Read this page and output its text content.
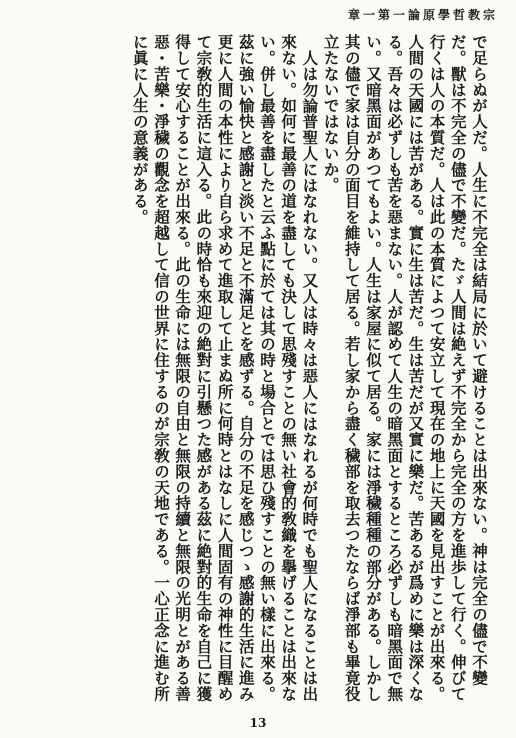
宗教哲學原論一第一章

で足らぬが人だ。人生に不完全は結局に於いて避けることは出來ない。神は完全の儘で不變だ。獸は不完全の儘で不變だ。たゞ人間は絶えず不完全から完全の方を進歩して行く。伸びて行くは人の本質だ。人は此の本質によつて安立して現在の地上に天國を見出すことが出來る。人間の天國には苦がある。實に生は苦だ。生は苦だが又實に樂だ。苦あるが爲めに樂は深くなる。吾々は必ずしも苦を惡まない。人が認めて人生の暗黑面とするところ必ずしも暗黑面で無い。又暗黑面があつてもよい。人生は家屋に似て居る。家には淨穢種種の部分がある。しかし其の儘で家は自分の面目を維持して居る。若し家から盡く穢部を取去つたならば淨部も畢竟役立たないではないか。

人は勿論普聖人にはなれない。又人は時々は惡人にはなれるが何時でも聖人になることは出來ない。如何に最善の道を盡しても決して思殘すことの無い社會的敎織を擧げることは出來ない。併し最善を盡したと云ふ點に於ては其の時と場合とでは思ひ殘すことの無い樣に出來る。茲に強い愉快と感謝と淡い不足と不滿足とを感ずる。自分の不足を感じつゝ感謝的生活に進み更に人間の本性により自ら求めて進取して止まぬ所に何時とはなしに人間固有の神性に目醒めて宗敎的生活に這入る。此の時恰も來迎の絶對に引懸つた感がある茲に絶對的生命を自己に獲得して安心することが出來る。此の生命には無限の自由と無限の持續と無限の光明とがある善惡・苦樂・淨穢の觀念を超越して信の世界に住するのが宗敎の天地である。一心正念に進む所に眞に人生の意義がある。

13
